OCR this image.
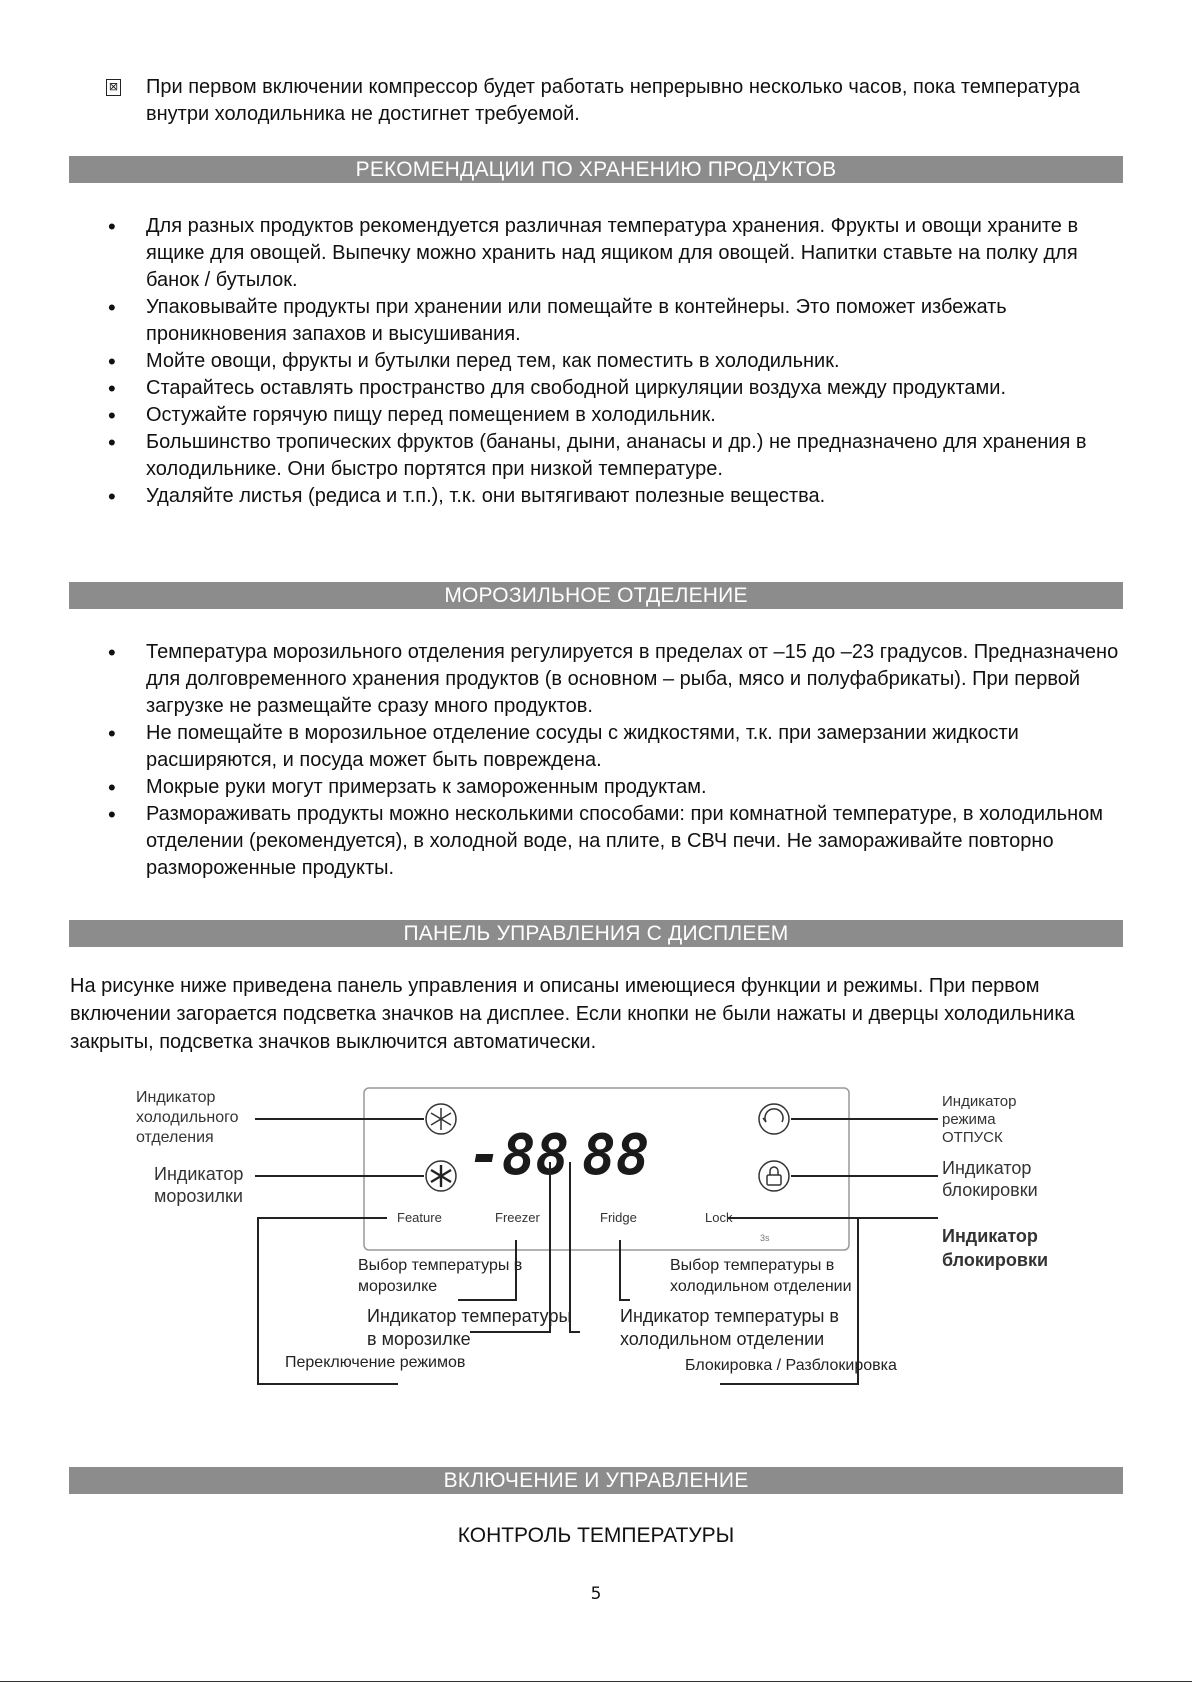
⊠ При первом включении компрессор будет работать непрерывно несколько часов, пока температура внутри холодильника не достигнет требуемой.
РЕКОМЕНДАЦИИ ПО ХРАНЕНИЮ ПРОДУКТОВ
• Для разных продуктов рекомендуется различная температура хранения. Фрукты и овощи храните в ящике для овощей. Выпечку можно хранить над ящиком для овощей. Напитки ставьте на полку для банок / бутылок.
• Упаковывайте продукты при хранении или помещайте в контейнеры. Это поможет избежать проникновения запахов и высушивания.
• Мойте овощи, фрукты и бутылки перед тем, как поместить в холодильник.
• Старайтесь оставлять пространство для свободной циркуляции воздуха между продуктами.
• Остужайте горячую пищу перед помещением в холодильник.
• Большинство тропических фруктов (бананы, дыни, ананасы и др.) не предназначено для хранения в холодильнике. Они быстро портятся при низкой температуре.
• Удаляйте листья (редиса и т.п.), т.к. они вытягивают полезные вещества.
МОРОЗИЛЬНОЕ ОТДЕЛЕНИЕ
• Температура морозильного отделения регулируется в пределах от –15 до –23 градусов. Предназначено для долговременного хранения продуктов (в основном – рыба, мясо и полуфабрикаты). При первой загрузке не размещайте сразу много продуктов.
• Не помещайте в морозильное отделение сосуды с жидкостями, т.к. при замерзании жидкости расширяются, и посуда может быть повреждена.
• Мокрые руки могут примерзать к замороженным продуктам.
• Размораживать продукты можно несколькими способами: при комнатной температуре, в холодильном отделении (рекомендуется), в холодной воде, на плите, в СВЧ печи. Не замораживайте повторно размороженные продукты.
ПАНЕЛЬ УПРАВЛЕНИЯ С ДИСПЛЕЕМ
На рисунке ниже приведена панель управления и описаны имеющиеся функции и режимы. При первом включении загорается подсветка значков на дисплее. Если кнопки не были нажаты и дверцы холодильника закрыты, подсветка значков выключится автоматически.
-88 88
Feature	Freezer	Fridge	Lock
3s
Индикатор
холодильного
отделения
Индикатор
морозилки
Индикатор
режима
ОТПУСК
Индикатор
блокировки
Индикатор
блокировки
Выбор температуры в
морозилке
Индикатор температуры
в морозилке
Переключение режимов
Выбор температуры в
холодильном отделении
Индикатор температуры в
холодильном отделении
Блокировка / Разблокировка
ВКЛЮЧЕНИЕ И УПРАВЛЕНИЕ
КОНТРОЛЬ ТЕМПЕРАТУРЫ
5
